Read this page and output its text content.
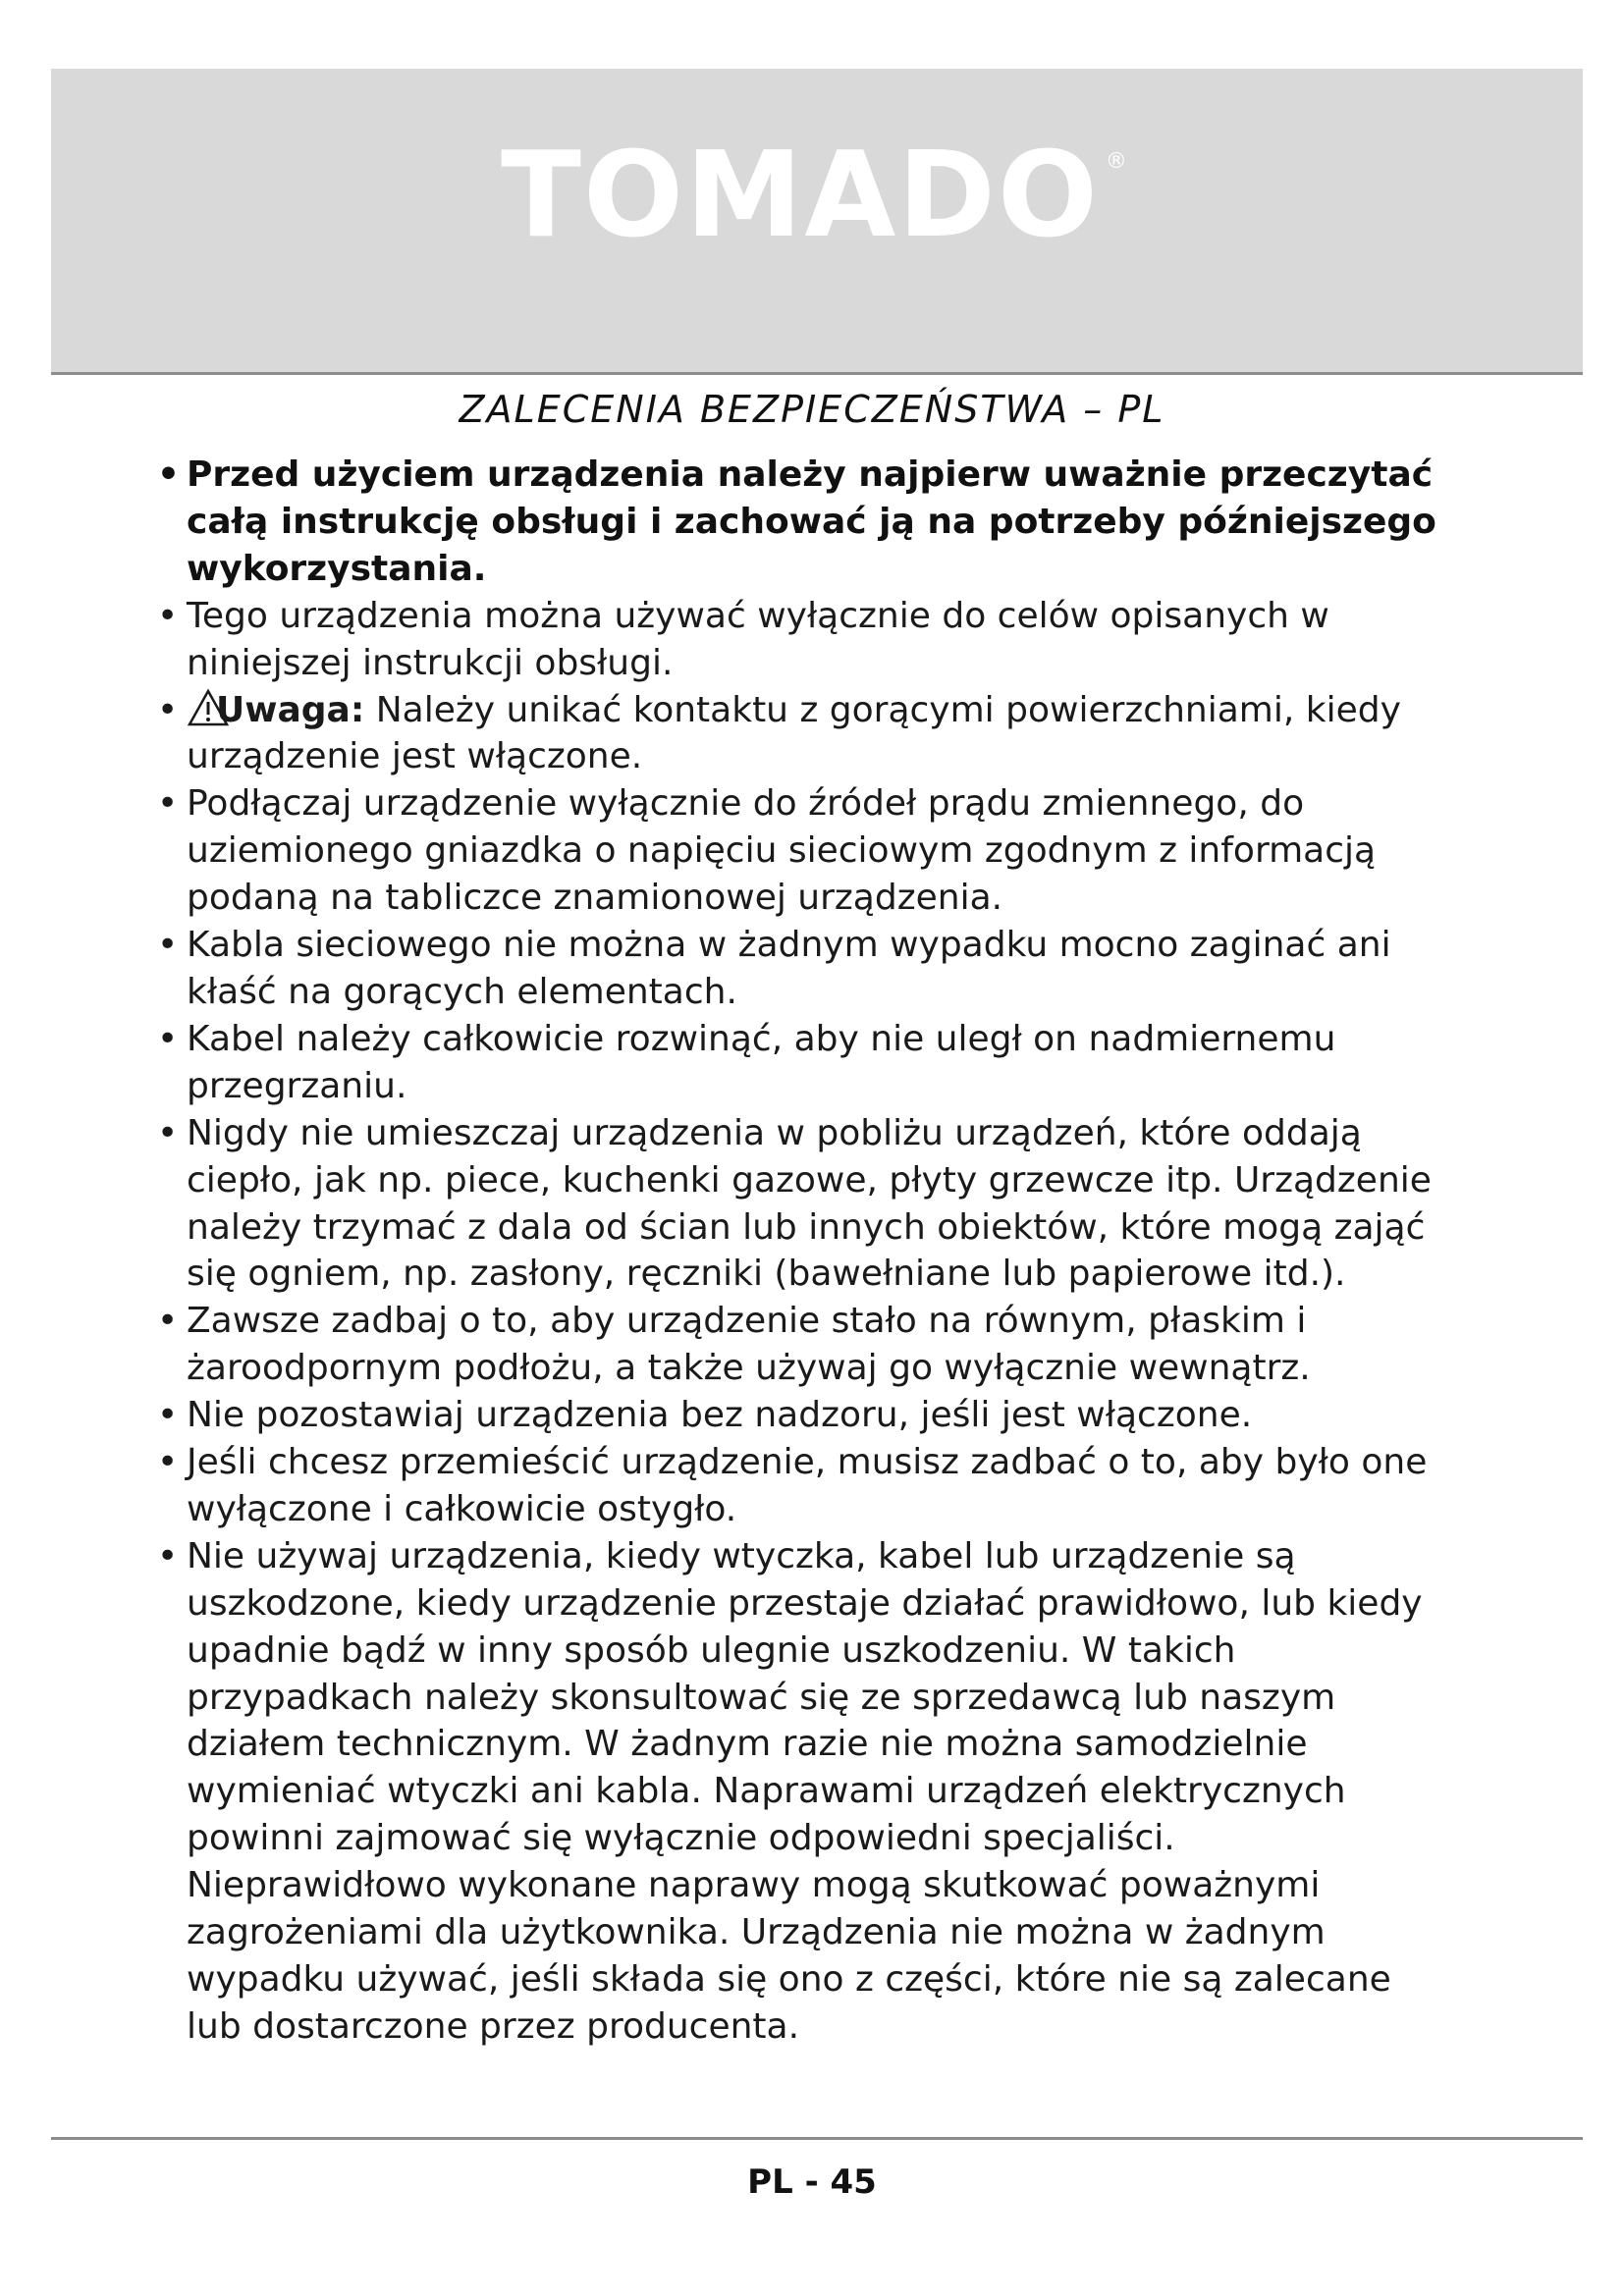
TOMADO ®
ZALECENIA BEZPIECZEŃSTWA – PL
• Przed użyciem urządzenia należy najpierw uważnie przeczytać całą instrukcję obsługi i zachować ją na potrzeby późniejszego wykorzystania.
• Tego urządzenia można używać wyłącznie do celów opisanych w niniejszej instrukcji obsługi.
• Uwaga: Należy unikać kontaktu z gorącymi powierzchniami, kiedy urządzenie jest włączone.
• Podłączaj urządzenie wyłącznie do źródeł prądu zmiennego, do uziemionego gniazdka o napięciu sieciowym zgodnym z informacją podaną na tabliczce znamionowej urządzenia.
• Kabla sieciowego nie można w żadnym wypadku mocno zaginać ani kłaść na gorących elementach.
• Kabel należy całkowicie rozwinąć, aby nie uległ on nadmiernemu przegrzaniu.
• Nigdy nie umieszczaj urządzenia w pobliżu urządzeń, które oddają ciepło, jak np. piece, kuchenki gazowe, płyty grzewcze itp. Urządzenie należy trzymać z dala od ścian lub innych obiektów, które mogą zająć się ogniem, np. zasłony, ręczniki (bawełniane lub papierowe itd.).
• Zawsze zadbaj o to, aby urządzenie stało na równym, płaskim i żaroodpornym podłożu, a także używaj go wyłącznie wewnątrz.
• Nie pozostawiaj urządzenia bez nadzoru, jeśli jest włączone.
• Jeśli chcesz przemieścić urządzenie, musisz zadbać o to, aby było one wyłączone i całkowicie ostygło.
• Nie używaj urządzenia, kiedy wtyczka, kabel lub urządzenie są uszkodzone, kiedy urządzenie przestaje działać prawidłowo, lub kiedy upadnie bądź w inny sposób ulegnie uszkodzeniu. W takich przypadkach należy skonsultować się ze sprzedawcą lub naszym działem technicznym. W żadnym razie nie można samodzielnie wymieniać wtyczki ani kabla. Naprawami urządzeń elektrycznych powinni zajmować się wyłącznie odpowiedni specjaliści. Nieprawidłowo wykonane naprawy mogą skutkować poważnymi zagrożeniami dla użytkownika. Urządzenia nie można w żadnym wypadku używać, jeśli składa się ono z części, które nie są zalecane lub dostarczone przez producenta.
PL - 45
